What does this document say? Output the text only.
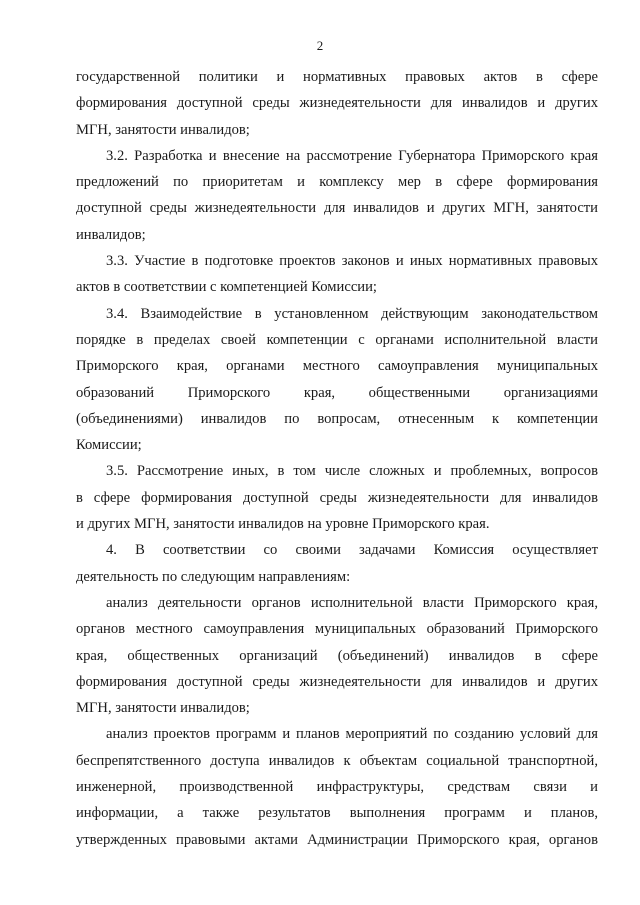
2
государственной политики и нормативных правовых актов в сфере
формирования доступной среды жизнедеятельности для инвалидов и других
МГН, занятости инвалидов;
3.2. Разработка и внесение на рассмотрение Губернатора Приморского края
предложений по приоритетам и комплексу мер в сфере формирования
доступной среды жизнедеятельности для инвалидов и других МГН, занятости
инвалидов;
3.3. Участие в подготовке проектов законов и иных нормативных правовых
актов в соответствии с компетенцией Комиссии;
3.4. Взаимодействие в установленном действующим законодательством
порядке в пределах своей компетенции с органами исполнительной власти
Приморского края, органами местного самоуправления муниципальных
образований Приморского края, общественными организациями
(объединениями) инвалидов по вопросам, отнесенным к компетенции
Комиссии;
3.5. Рассмотрение иных, в том числе сложных и проблемных, вопросов
в сфере формирования доступной среды жизнедеятельности для инвалидов
и других МГН, занятости инвалидов на уровне Приморского края.
4. В соответствии со своими задачами Комиссия осуществляет
деятельность по следующим направлениям:
анализ деятельности органов исполнительной власти Приморского края,
органов местного самоуправления муниципальных образований Приморского
края, общественных организаций (объединений) инвалидов в сфере
формирования доступной среды жизнедеятельности для инвалидов и других
МГН, занятости инвалидов;
анализ проектов программ и планов мероприятий по созданию условий для
беспрепятственного доступа инвалидов к объектам социальной транспортной,
инженерной, производственной инфраструктуры, средствам связи и
информации, а также результатов выполнения программ и планов,
утвержденных правовыми актами Администрации Приморского края, органов
